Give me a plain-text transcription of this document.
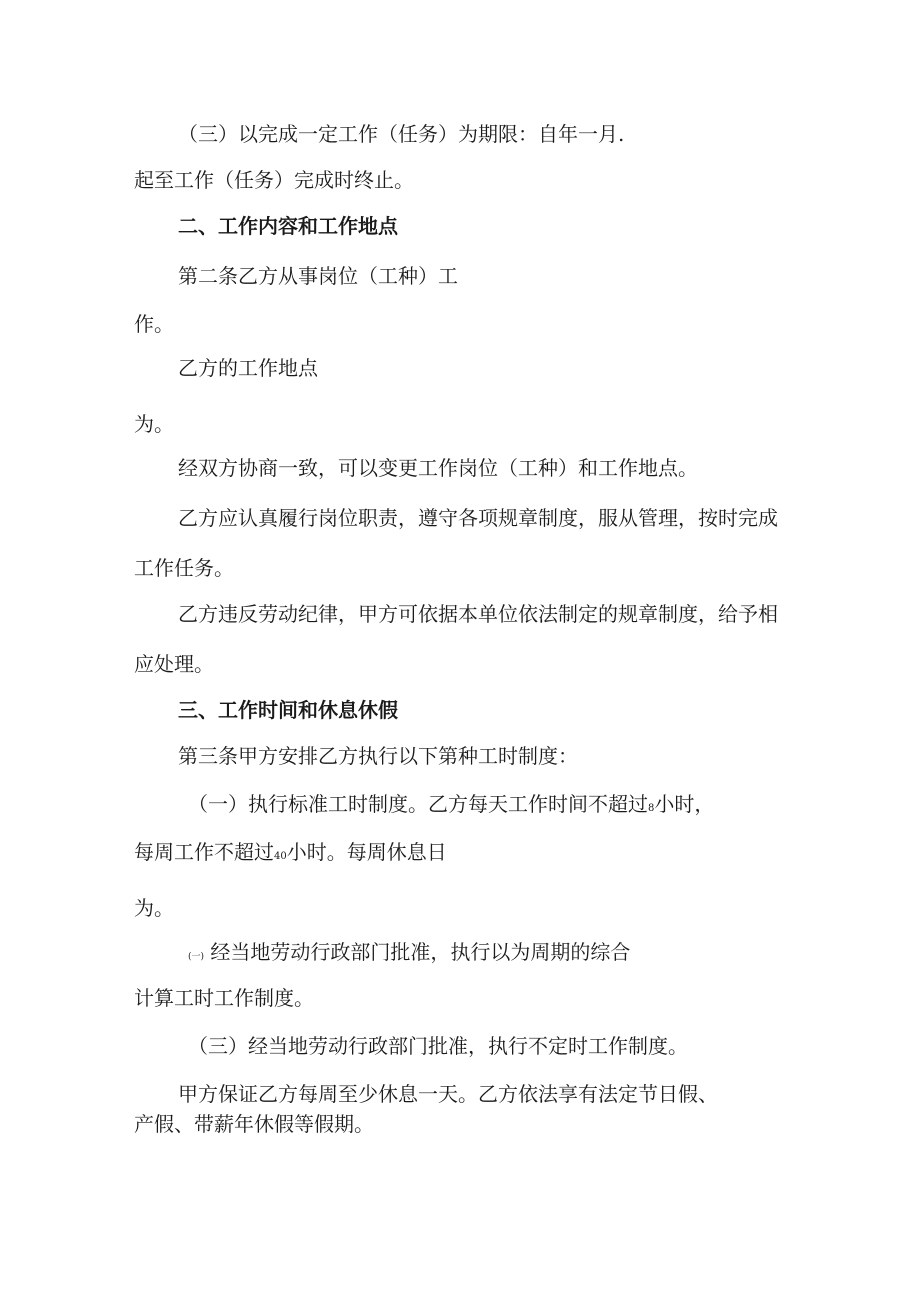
（三）以完成一定工作（任务）为期限：自年一月.
起至工作（任务）完成时终止。
二、工作内容和工作地点
第二条乙方从事岗位（工种）工
作。
乙方的工作地点
为。
经双方协商一致，可以变更工作岗位（工种）和工作地点。
乙方应认真履行岗位职责，遵守各项规章制度，服从管理，按时完成
工作任务。
乙方违反劳动纪律，甲方可依据本单位依法制定的规章制度，给予相
应处理。
三、工作时间和休息休假
第三条甲方安排乙方执行以下第种工时制度：
（一）执行标准工时制度。乙方每天工作时间不超过8小时，
每周工作不超过40小时。每周休息日
为。
(一) 经当地劳动行政部门批准，执行以为周期的综合
计算工时工作制度。
（三）经当地劳动行政部门批准，执行不定时工作制度。
甲方保证乙方每周至少休息一天。乙方依法享有法定节日假、
产假、带薪年休假等假期。
